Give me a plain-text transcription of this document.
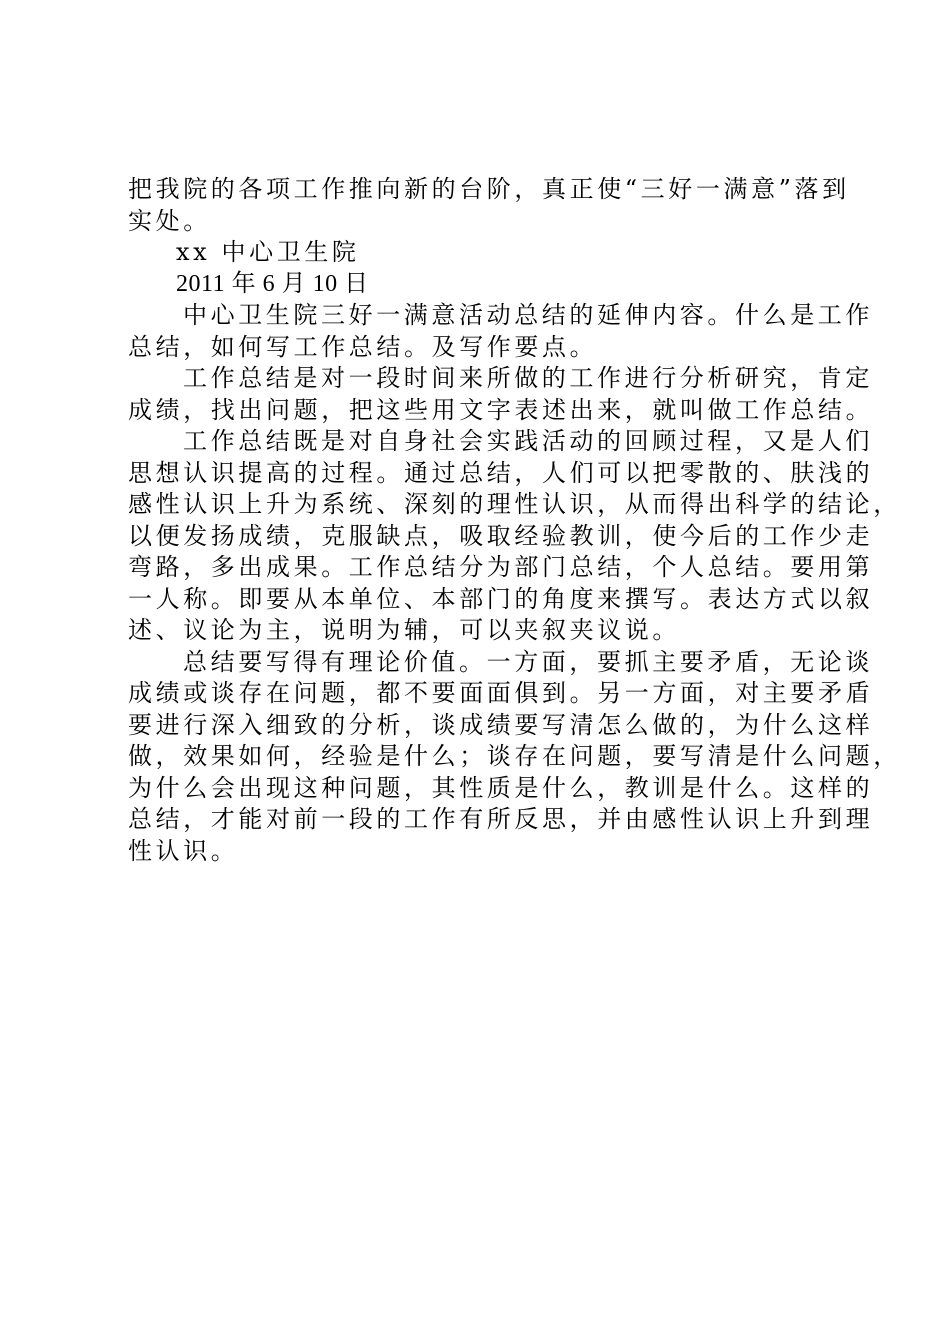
把我院的各项工作推向新的台阶，真正使“三好一满意”落到
实处。
xx 中心卫生院
2011 年 6 月 10 日
中心卫生院三好一满意活动总结的延伸内容。什么是工作
总结，如何写工作总结。及写作要点。
工作总结是对一段时间来所做的工作进行分析研究，肯定
成绩，找出问题，把这些用文字表述出来，就叫做工作总结。
工作总结既是对自身社会实践活动的回顾过程，又是人们
思想认识提高的过程。通过总结，人们可以把零散的、肤浅的
感性认识上升为系统、深刻的理性认识，从而得出科学的结论，
以便发扬成绩，克服缺点，吸取经验教训，使今后的工作少走
弯路，多出成果。工作总结分为部门总结，个人总结。要用第
一人称。即要从本单位、本部门的角度来撰写。表达方式以叙
述、议论为主，说明为辅，可以夹叙夹议说。
总结要写得有理论价值。一方面，要抓主要矛盾，无论谈
成绩或谈存在问题，都不要面面俱到。另一方面，对主要矛盾
要进行深入细致的分析，谈成绩要写清怎么做的，为什么这样
做，效果如何，经验是什么；谈存在问题，要写清是什么问题，
为什么会出现这种问题，其性质是什么，教训是什么。这样的
总结，才能对前一段的工作有所反思，并由感性认识上升到理
性认识。
